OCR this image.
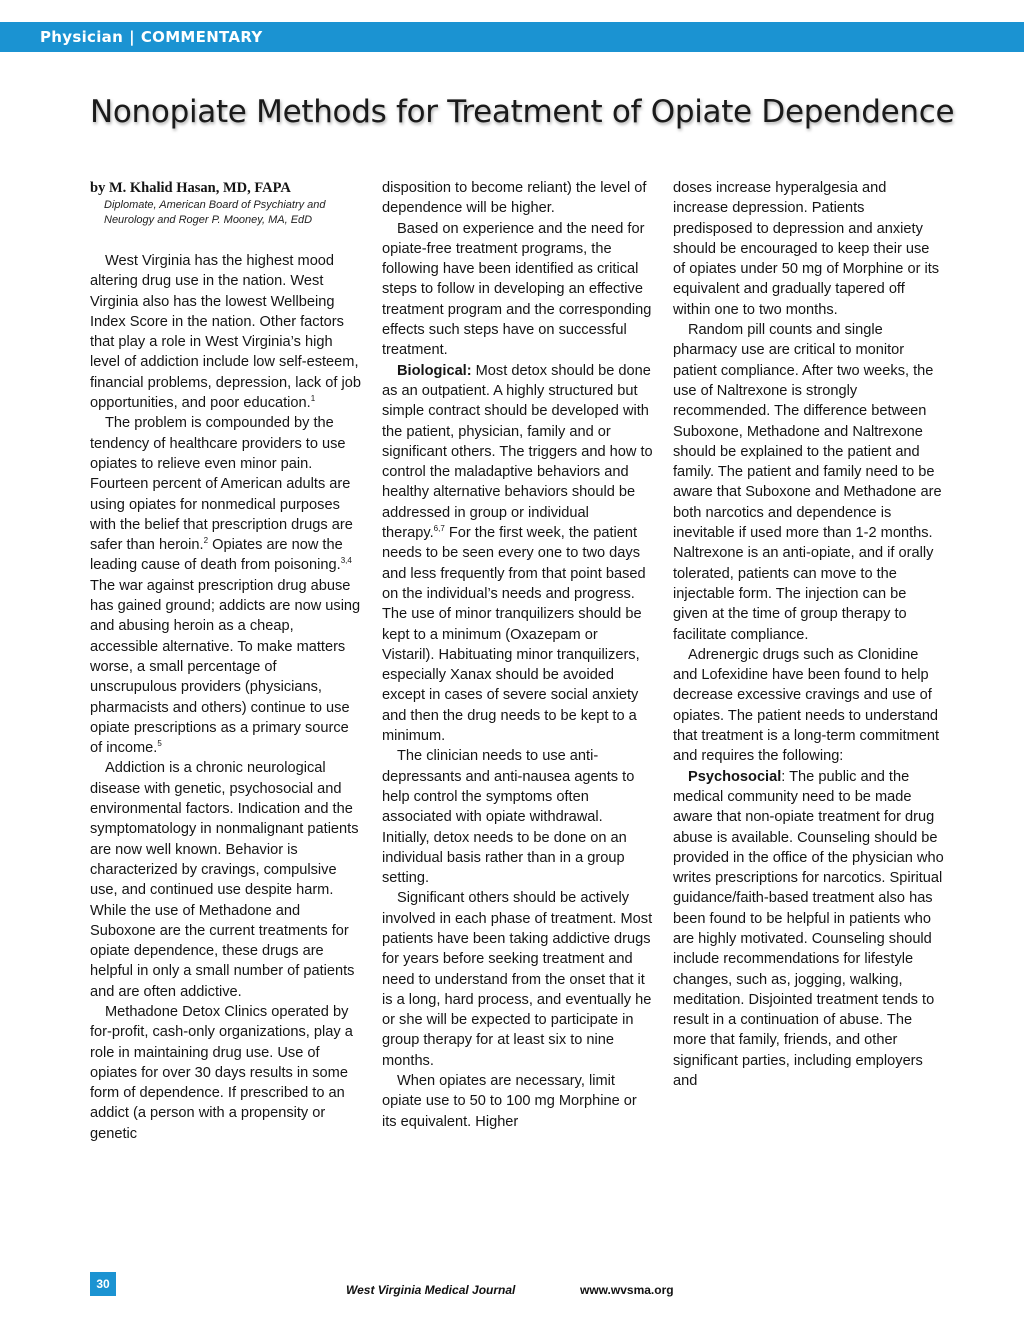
Physician | COMMENTARY
Nonopiate Methods for Treatment of Opiate Dependence
by M. Khalid Hasan, MD, FAPA
Diplomate, American Board of Psychiatry and Neurology and Roger P. Mooney, MA, EdD

West Virginia has the highest mood altering drug use in the nation. West Virginia also has the lowest Wellbeing Index Score in the nation. Other factors that play a role in West Virginia’s high level of addiction include low self-esteem, financial problems, depression, lack of job opportunities, and poor education.$^1$

The problem is compounded by the tendency of healthcare providers to use opiates to relieve even minor pain. Fourteen percent of American adults are using opiates for nonmedical purposes with the belief that prescription drugs are safer than heroin.$^2$ Opiates are now the leading cause of death from poisoning.$^{3,4}$ The war against prescription drug abuse has gained ground; addicts are now using and abusing heroin as a cheap, accessible alternative. To make matters worse, a small percentage of unscrupulous providers (physicians, pharmacists and others) continue to use opiate prescriptions as a primary source of income.$^5$

Addiction is a chronic neurological disease with genetic, psychosocial and environmental factors. Indication and the symptomatology in nonmalignant patients are now well known. Behavior is characterized by cravings, compulsive use, and continued use despite harm. While the use of Methadone and Suboxone are the current treatments for opiate dependence, these drugs are helpful in only a small number of patients and are often addictive.

Methadone Detox Clinics operated by for-profit, cash-only organizations, play a role in maintaining drug use. Use of opiates for over 30 days results in some form of dependence. If prescribed to an addict (a person with a propensity or genetic

disposition to become reliant) the level of dependence will be higher.

Based on experience and the need for opiate-free treatment programs, the following have been identified as critical steps to follow in developing an effective treatment program and the corresponding effects such steps have on successful treatment.

Biological: Most detox should be done as an outpatient. A highly structured but simple contract should be developed with the patient, physician, family and or significant others. The triggers and how to control the maladaptive behaviors and healthy alternative behaviors should be addressed in group or individual therapy.$^{6,7}$ For the first week, the patient needs to be seen every one to two days and less frequently from that point based on the individual’s needs and progress. The use of minor tranquilizers should be kept to a minimum (Oxazepam or Vistaril). Habituating minor tranquilizers, especially Xanax should be avoided except in cases of severe social anxiety and then the drug needs to be kept to a minimum.

The clinician needs to use anti-depressants and anti-nausea agents to help control the symptoms often associated with opiate withdrawal. Initially, detox needs to be done on an individual basis rather than in a group setting.

Significant others should be actively involved in each phase of treatment. Most patients have been taking addictive drugs for years before seeking treatment and need to understand from the onset that it is a long, hard process, and eventually he or she will be expected to participate in group therapy for at least six to nine months.

When opiates are necessary, limit opiate use to 50 to 100 mg Morphine or its equivalent. Higher

doses increase hyperalgesia and increase depression. Patients predisposed to depression and anxiety should be encouraged to keep their use of opiates under 50 mg of Morphine or its equivalent and gradually tapered off within one to two months.

Random pill counts and single pharmacy use are critical to monitor patient compliance. After two weeks, the use of Naltrexone is strongly recommended. The difference between Suboxone, Methadone and Naltrexone should be explained to the patient and family. The patient and family need to be aware that Suboxone and Methadone are both narcotics and dependence is inevitable if used more than 1-2 months. Naltrexone is an anti-opiate, and if orally tolerated, patients can move to the injectable form. The injection can be given at the time of group therapy to facilitate compliance.

Adrenergic drugs such as Clonidine and Lofexidine have been found to help decrease excessive cravings and use of opiates. The patient needs to understand that treatment is a long-term commitment and requires the following:

Psychosocial: The public and the medical community need to be made aware that non-opiate treatment for drug abuse is available. Counseling should be provided in the office of the physician who writes prescriptions for narcotics. Spiritual guidance/faith-based treatment also has been found to be helpful in patients who are highly motivated. Counseling should include recommendations for lifestyle changes, such as, jogging, walking, meditation. Disjointed treatment tends to result in a continuation of abuse. The more that family, friends, and other significant parties, including employers and

30	West Virginia Medical Journal	www.wvsma.org
